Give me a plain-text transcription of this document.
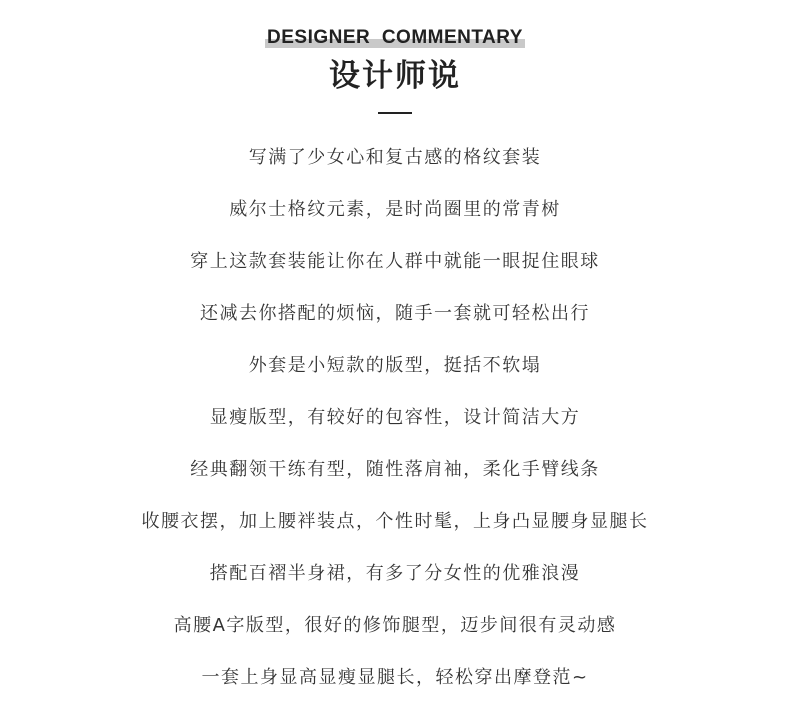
DESIGNER  COMMENTARY
设计师说
写满了少女心和复古感的格纹套装
威尔士格纹元素，是时尚圈里的常青树
穿上这款套装能让你在人群中就能一眼捉住眼球
还减去你搭配的烦恼，随手一套就可轻松出行
外套是小短款的版型，挺括不软塌
显瘦版型，有较好的包容性，设计简洁大方
经典翻领干练有型，随性落肩袖，柔化手臂线条
收腰衣摆，加上腰袢装点，个性时髦，上身凸显腰身显腿长
搭配百褶半身裙，有多了分女性的优雅浪漫
高腰A字版型，很好的修饰腿型，迈步间很有灵动感
一套上身显高显瘦显腿长，轻松穿出摩登范~
